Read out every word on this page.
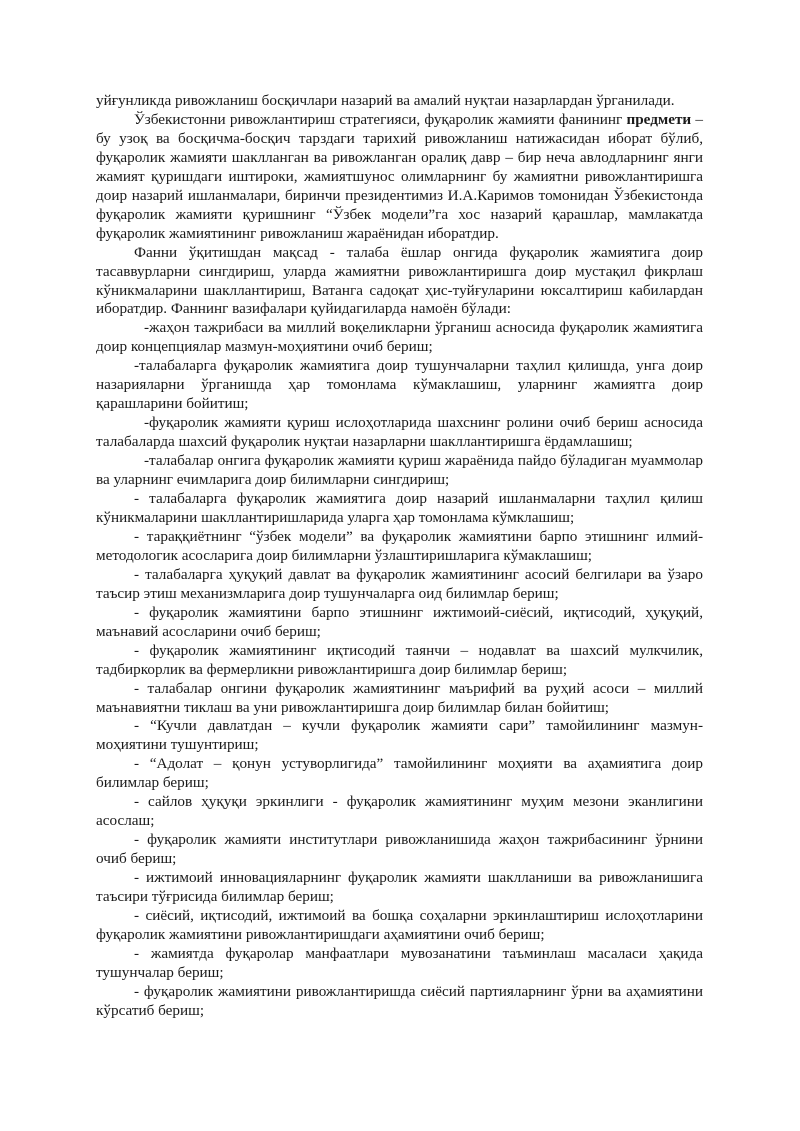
уйғунликда ривожланиш босқичлари назарий ва амалий нуқтаи назарлардан ўрганилади.

Ўзбекистонни ривожлантириш стратегияси, фуқаролик жамияти фанининг предмети – бу узоқ ва босқичма-босқич тарздаги тарихий ривожланиш натижасидан иборат бўлиб, фуқаролик жамияти шаклланган ва ривожланган оралиқ давр – бир неча авлодларнинг янги жамият қуришдаги иштироки, жамиятшунос олимларнинг бу жамиятни ривожлантиришга доир назарий ишланмалари, биринчи президентимиз И.А.Каримов томонидан Ўзбекистонда фуқаролик жамияти қуришнинг “Ўзбек модели”га хос назарий қарашлар, мамлакатда фуқаролик жамиятининг ривожланиш жараёнидан иборатдир.

Фанни ўқитишдан мақсад - талаба ёшлар онгида фуқаролик жамиятига доир тасаввурларни сингдириш, уларда жамиятни ривожлантиришга доир мустақил фикрлаш кўникмаларини шакллантириш, Ватанга садоқат ҳис-туйғуларини юксалтириш кабилардан иборатдир. Фаннинг вазифалари қуйидагиларда намоён бўлади:

-жаҳон тажрибаси ва миллий воқеликларни ўрганиш асносида фуқаролик жамиятига доир концепциялар мазмун-моҳиятини очиб бериш;

-талабаларга фуқаролик жамиятига доир тушунчаларни таҳлил қилишда, унга доир назарияларни ўрганишда ҳар томонлама кўмаклашиш, уларнинг жамиятга доир қарашларини бойитиш;

-фуқаролик жамияти қуриш ислоҳотларида шахснинг ролини очиб бериш асносида талабаларда шахсий фуқаролик нуқтаи назарларни шакллантиришга ёрдамлашиш;

-талабалар онгига фуқаролик жамияти қуриш жараёнида пайдо бўладиган муаммолар ва уларнинг ечимларига доир билимларни сингдириш;

- талабаларга фуқаролик жамиятига доир назарий ишланмаларни таҳлил қилиш кўникмаларини шакллантиришларида уларга ҳар томонлама кўмклашиш;

- тараққиётнинг “ўзбек модели” ва фуқаролик жамиятини барпо этишнинг илмий-методологик асосларига доир билимларни ўзлаштиришларига кўмаклашиш;

- талабаларга ҳуқуқий давлат ва фуқаролик жамиятининг асосий белгилари ва ўзаро таъсир этиш механизмларига доир тушунчаларга оид билимлар бериш;

- фуқаролик жамиятини барпо этишнинг ижтимоий-сиёсий, иқтисодий, ҳуқуқий, маънавий асосларини очиб бериш;

- фуқаролик жамиятининг иқтисодий таянчи – нодавлат ва шахсий мулкчилик, тадбиркорлик ва фермерликни ривожлантиришга доир билимлар бериш;

- талабалар онгини фуқаролик жамиятининг маърифий ва руҳий асоси – миллий маънавиятни тиклаш ва уни ривожлантиришга доир билимлар билан бойитиш;

- “Кучли давлатдан – кучли фуқаролик жамияти сари” тамойилининг мазмун-моҳиятини тушунтириш;

- “Адолат – қонун устуворлигида” тамойилининг моҳияти ва аҳамиятига доир билимлар бериш;

- сайлов ҳуқуқи эркинлиги - фуқаролик жамиятининг муҳим мезони эканлигини асослаш;

- фуқаролик жамияти институтлари ривожланишида жаҳон тажрибасининг ўрнини очиб бериш;

- ижтимоий инновацияларнинг фуқаролик жамияти шаклланиши ва ривожланишига таъсири тўғрисида билимлар бериш;

- сиёсий, иқтисодий, ижтимоий ва бошқа соҳаларни эркинлаштириш ислоҳотларини фуқаролик жамиятини ривожлантиришдаги аҳамиятини очиб бериш;

- жамиятда фуқаролар манфаатлари мувозанатини таъминлаш масаласи ҳақида тушунчалар бериш;

- фуқаролик жамиятини ривожлантиришда сиёсий партияларнинг ўрни ва аҳамиятини кўрсатиб бериш;
